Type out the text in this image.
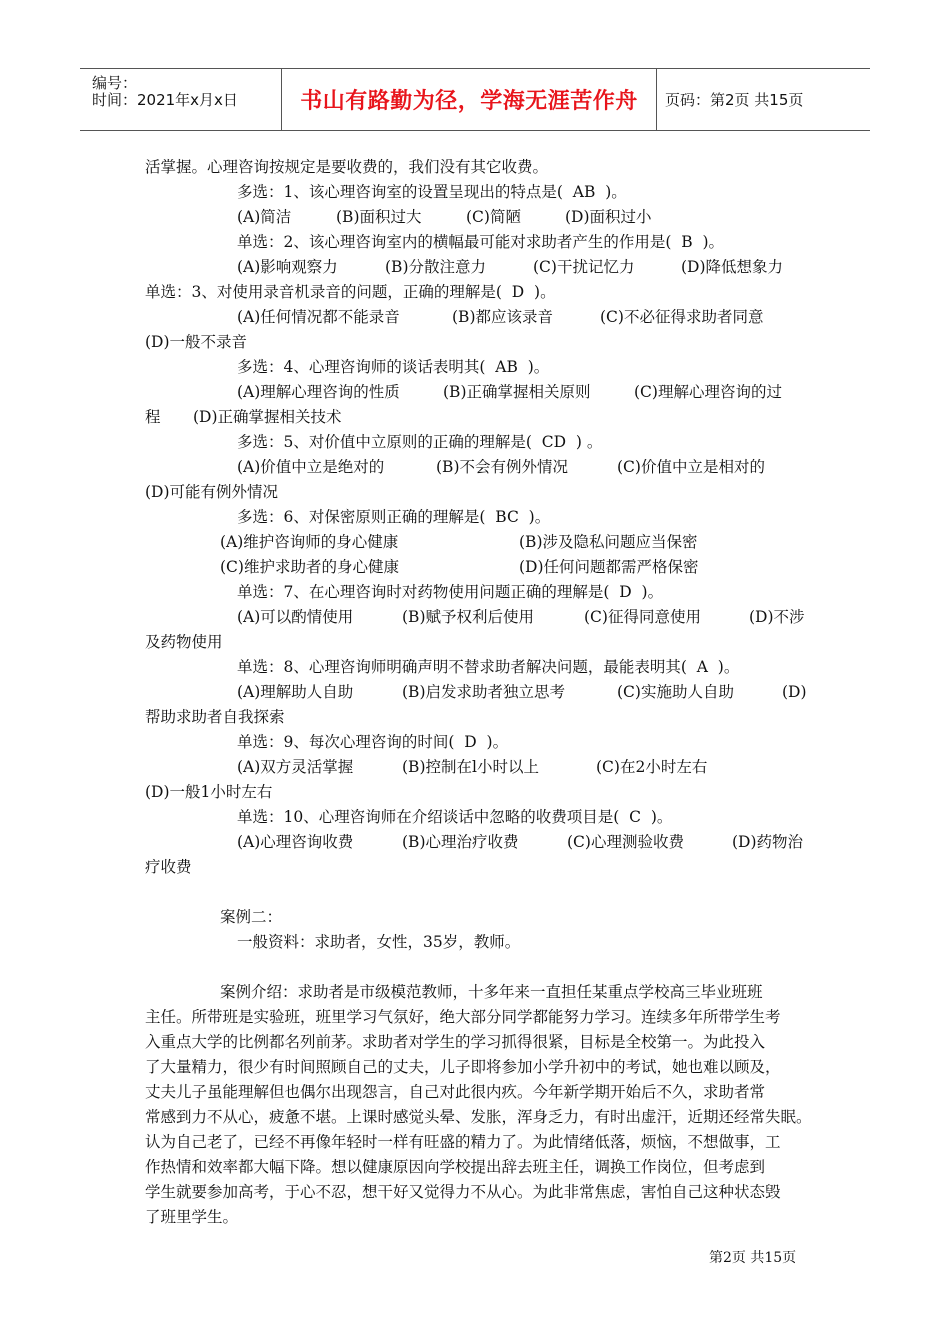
编号：
时间：2021年x月x日	书山有路勤为径，学海无涯苦作舟 页码：第2页 共15页
活掌握。心理咨询按规定是要收费的，我们没有其它收费。
多选：1、该心理咨询室的设置呈现出的特点是(  AB  )。
(A)简洁	(B)面积过大	(C)简陋	(D)面积过小
单选：2、该心理咨询室内的横幅最可能对求助者产生的作用是(  B  )。
(A)影响观察力	(B)分散注意力	(C)干扰记忆力	(D)降低想象力
单选：3、对使用录音机录音的问题，正确的理解是(  D  )。
(A)任何情况都不能录音	(B)都应该录音	(C)不必征得求助者同意
(D)一般不录音
多选：4、心理咨询师的谈话表明其(  AB  )。
(A)理解心理咨询的性质	(B)正确掌握相关原则	(C)理解心理咨询的过
程 (D)正确掌握相关技术
多选：5、对价值中立原则的正确的理解是(  CD  ) 。
(A)价值中立是绝对的	(B)不会有例外情况	(C)价值中立是相对的
(D)可能有例外情况
多选：6、对保密原则正确的理解是(  BC  )。
(A)维护咨询师的身心健康	(B)涉及隐私问题应当保密
(C)维护求助者的身心健康	(D)任何问题都需严格保密
单选：7、在心理咨询时对药物使用问题正确的理解是(  D  )。
(A)可以酌情使用	(B)赋予权利后使用	(C)征得同意使用	(D)不涉
及药物使用
单选：8、心理咨询师明确声明不替求助者解决问题，最能表明其(  A  )。
(A)理解助人自助	(B)启发求助者独立思考	(C)实施助人自助	(D)
帮助求助者自我探索
单选：9、每次心理咨询的时间(  D  )。
(A)双方灵活掌握	(B)控制在l小时以上	(C)在2小时左右
(D)一般1小时左右
单选：10、心理咨询师在介绍谈话中忽略的收费项目是(  C  )。
(A)心理咨询收费	(B)心理治疗收费	(C)心理测验收费	(D)药物治
疗收费
案例二：
一般资料：求助者，女性，35岁，教师。
案例介绍：求助者是市级模范教师，十多年来一直担任某重点学校高三毕业班班
主任。所带班是实验班，班里学习气氛好，绝大部分同学都能努力学习。连续多年所带学生考
入重点大学的比例都名列前茅。求助者对学生的学习抓得很紧，目标是全校第一。为此投入
了大量精力，很少有时间照顾自己的丈夫，儿子即将参加小学升初中的考试，她也难以顾及，
丈夫儿子虽能理解但也偶尔出现怨言，自己对此很内疚。今年新学期开始后不久，求助者常
常感到力不从心，疲惫不堪。上课时感觉头晕、发胀，浑身乏力，有时出虚汗，近期还经常失眠。
认为自己老了，已经不再像年轻时一样有旺盛的精力了。为此情绪低落，烦恼，不想做事，工
作热情和效率都大幅下降。想以健康原因向学校提出辞去班主任，调换工作岗位，但考虑到
学生就要参加高考，于心不忍，想干好又觉得力不从心。为此非常焦虑，害怕自己这种状态毁
了班里学生。
第2页 共15页
